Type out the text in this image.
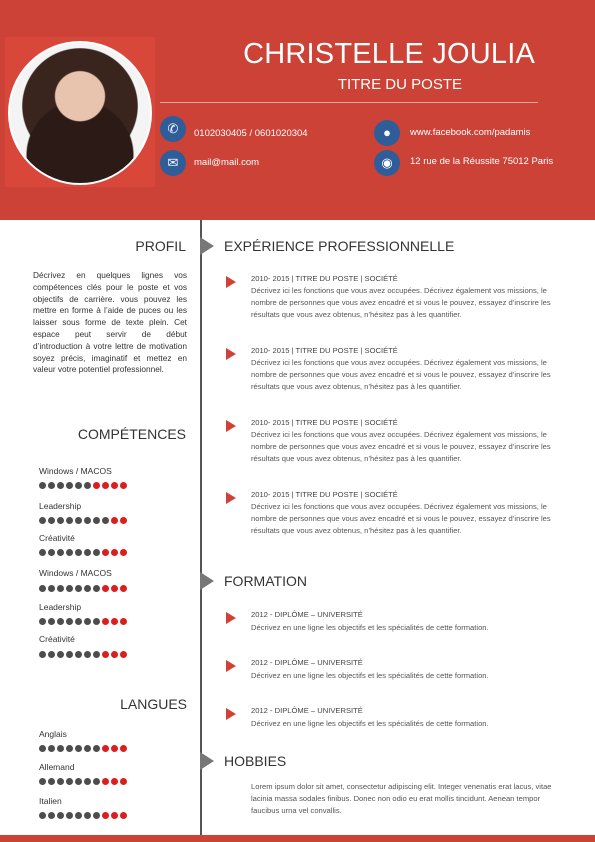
CHRISTELLE JOULIA
TITRE DU POSTE
✆	0102030405 / 0601020304
✉	mail@mail.com
●	www.facebook.com/padamis
◉	12 rue de la Réussite 75012 Paris
PROFIL
Décrivez en quelques lignes vos compétences clés pour le poste et vos objectifs de carrière. vous pouvez les mettre en forme à l’aide de puces ou les laisser sous forme de texte plein. Cet espace peut servir de début d’introduction à votre lettre de motivation soyez précis, imaginatif et mettez en valeur votre potentiel professionnel.
COMPÉTENCES
Windows / MACOS
Leadership
Créativité
Windows / MACOS
Leadership
Créativité
LANGUES
Anglais
Allemand
Italien
EXPÉRIENCE PROFESSIONNELLE
2010- 2015 | TITRE DU POSTE | SOCIÉTÉ
Décrivez ici les fonctions que vous avez occupées. Décrivez également vos missions, le nombre de personnes que vous avez encadré et si vous le pouvez, essayez d’inscrire les résultats que vous avez obtenus, n’hésitez pas à les quantifier.
2010- 2015 | TITRE DU POSTE | SOCIÉTÉ
Décrivez ici les fonctions que vous avez occupées. Décrivez également vos missions, le nombre de personnes que vous avez encadré et si vous le pouvez, essayez d’inscrire les résultats que vous avez obtenus, n’hésitez pas à les quantifier.
2010- 2015 | TITRE DU POSTE | SOCIÉTÉ
Décrivez ici les fonctions que vous avez occupées. Décrivez également vos missions, le nombre de personnes que vous avez encadré et si vous le pouvez, essayez d’inscrire les résultats que vous avez obtenus, n’hésitez pas à les quantifier.
2010- 2015 | TITRE DU POSTE | SOCIÉTÉ
Décrivez ici les fonctions que vous avez occupées. Décrivez également vos missions, le nombre de personnes que vous avez encadré et si vous le pouvez, essayez d’inscrire les résultats que vous avez obtenus, n’hésitez pas à les quantifier.
FORMATION
2012 - DIPLÔME – UNIVERSITÉ
Décrivez en une ligne les objectifs et les spécialités de cette formation.
2012 - DIPLÔME – UNIVERSITÉ
Décrivez en une ligne les objectifs et les spécialités de cette formation.
2012 - DIPLÔME – UNIVERSITÉ
Décrivez en une ligne les objectifs et les spécialités de cette formation.
HOBBIES
Lorem ipsum dolor sit amet, consectetur adipiscing elit. Integer venenatis erat lacus, vitae lacinia massa sodales finibus. Donec non odio eu erat mollis tincidunt. Aenean tempor faucibus urna vel convallis.
